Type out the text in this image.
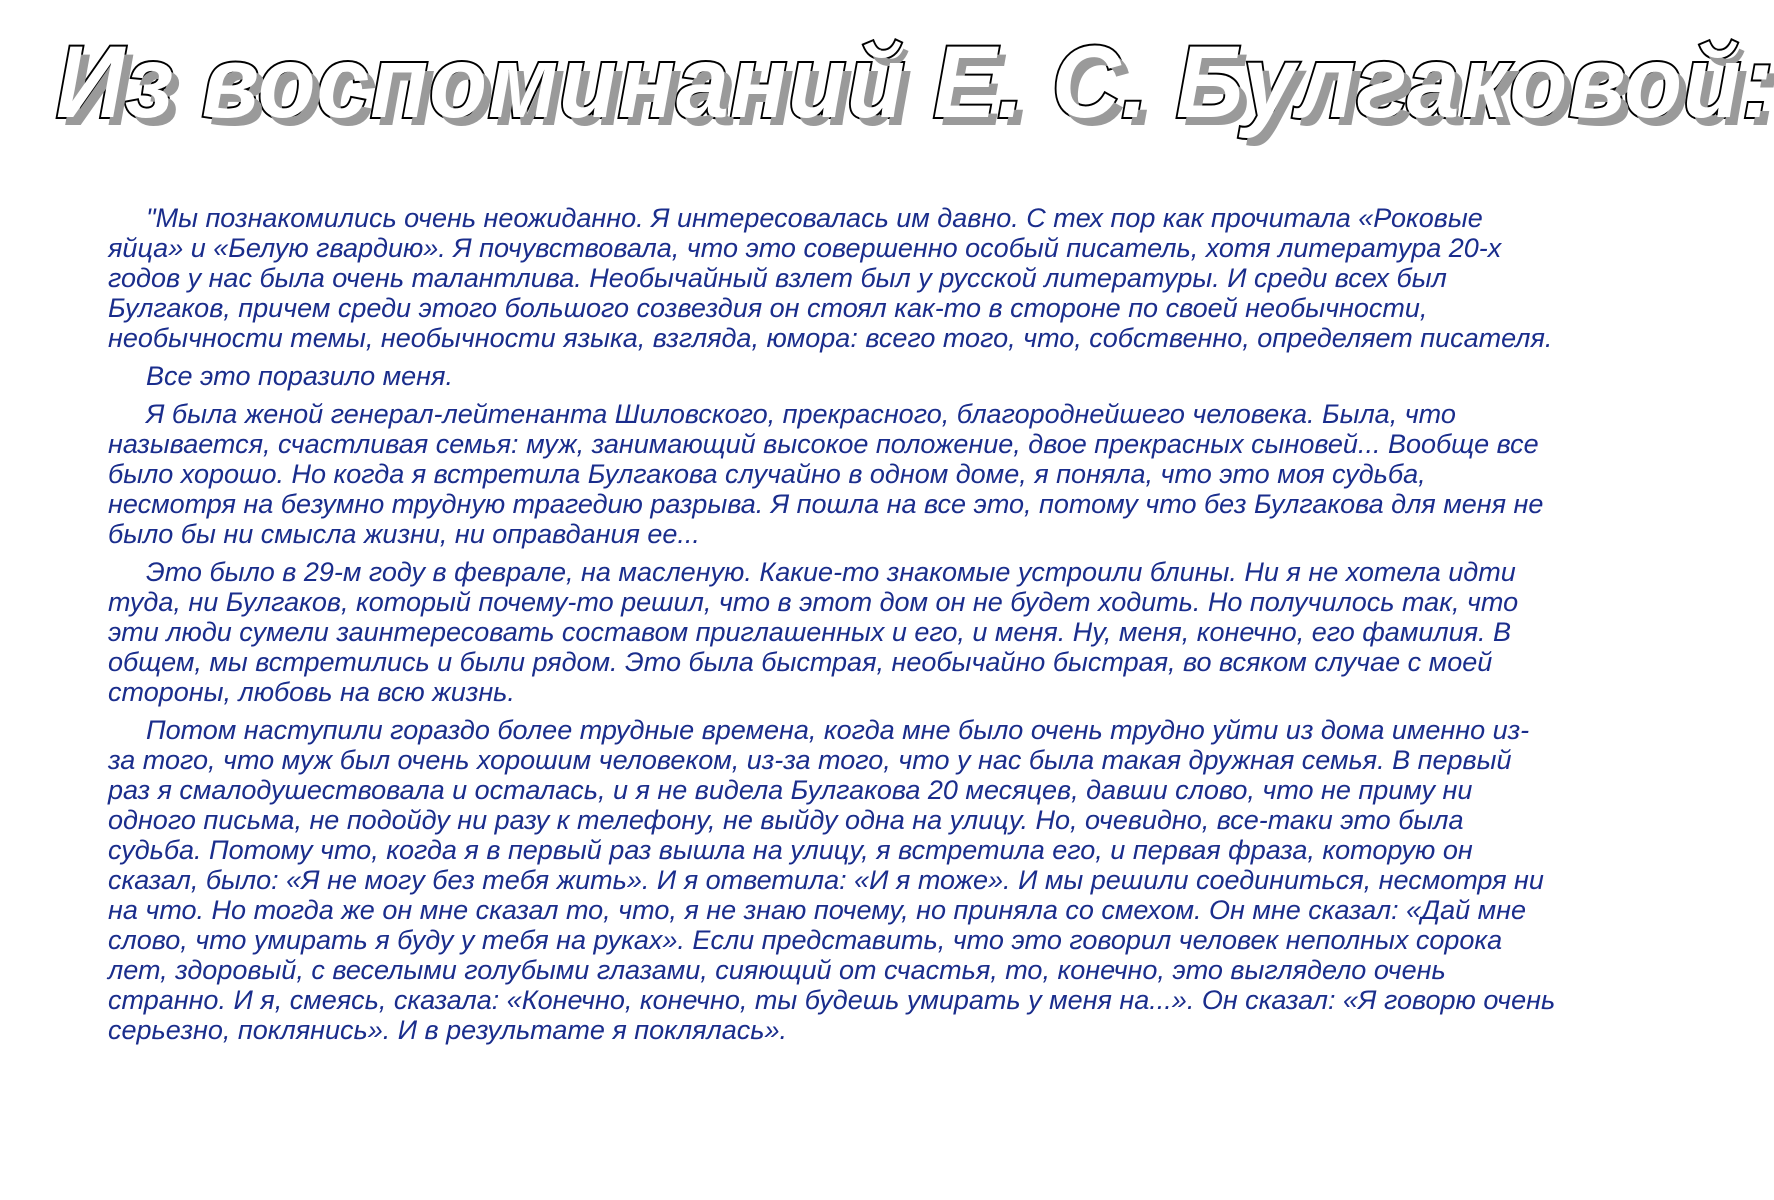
Из воспоминаний Е. С. Булгаковой:

"Мы познакомились очень неожиданно. Я интересовалась им давно. С тех пор как прочитала «Роковые яйца» и «Белую гвардию». Я почувствовала, что это совершенно особый писатель, хотя литература 20-х годов у нас была очень талантлива. Необычайный взлет был у русской литературы. И среди всех был Булгаков, причем среди этого большого созвездия он стоял как-то в стороне по своей необычности, необычности темы, необычности языка, взгляда, юмора: всего того, что, собственно, определяет писателя.

Все это поразило меня.

Я была женой генерал-лейтенанта Шиловского, прекрасного, благороднейшего человека. Была, что называется, счастливая семья: муж, занимающий высокое положение, двое прекрасных сыновей... Вообще все было хорошо. Но когда я встретила Булгакова случайно в одном доме, я поняла, что это моя судьба, несмотря на безумно трудную трагедию разрыва. Я пошла на все это, потому что без Булгакова для меня не было бы ни смысла жизни, ни оправдания ее...

Это было в 29-м году в феврале, на масленую. Какие-то знакомые устроили блины. Ни я не хотела идти туда, ни Булгаков, который почему-то решил, что в этот дом он не будет ходить. Но получилось так, что эти люди сумели заинтересовать составом приглашенных и его, и меня. Ну, меня, конечно, его фамилия. В общем, мы встретились и были рядом. Это была быстрая, необычайно быстрая, во всяком случае с моей стороны, любовь на всю жизнь.

Потом наступили гораздо более трудные времена, когда мне было очень трудно уйти из дома именно из-за того, что муж был очень хорошим человеком, из-за того, что у нас была такая дружная семья. В первый раз я смалодушествовала и осталась, и я не видела Булгакова 20 месяцев, давши слово, что не приму ни одного письма, не подойду ни разу к телефону, не выйду одна на улицу. Но, очевидно, все-таки это была судьба. Потому что, когда я в первый раз вышла на улицу, я встретила его, и первая фраза, которую он сказал, было: «Я не могу без тебя жить». И я ответила: «И я тоже». И мы решили соединиться, несмотря ни на что. Но тогда же он мне сказал то, что, я не знаю почему, но приняла со смехом. Он мне сказал: «Дай мне слово, что умирать я буду у тебя на руках». Если представить, что это говорил человек неполных сорока лет, здоровый, с веселыми голубыми глазами, сияющий от счастья, то, конечно, это выглядело очень странно. И я, смеясь, сказала: «Конечно, конечно, ты будешь умирать у меня на...». Он сказал: «Я говорю очень серьезно, поклянись». И в результате я поклялась».
